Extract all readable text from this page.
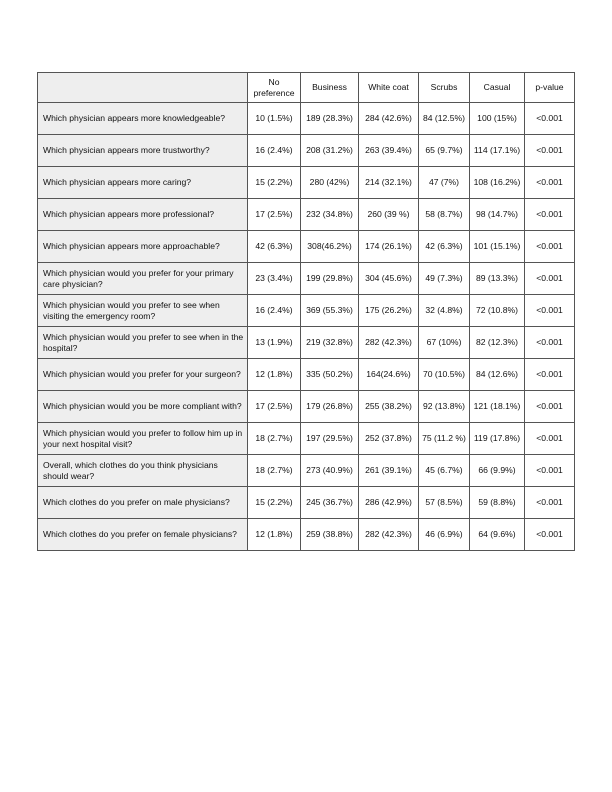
	No preference	Business	White coat	Scrubs	Casual	p-value
Which physician appears more knowledgeable?	10 (1.5%)	189 (28.3%)	284 (42.6%)	84 (12.5%)	100 (15%)	<0.001
Which physician appears more trustworthy?	16 (2.4%)	208 (31.2%)	263 (39.4%)	65 (9.7%)	114 (17.1%)	<0.001
Which physician appears more caring?	15 (2.2%)	280 (42%)	214 (32.1%)	47 (7%)	108 (16.2%)	<0.001
Which physician appears more professional?	17 (2.5%)	232 (34.8%)	260 (39 %)	58 (8.7%)	98 (14.7%)	<0.001
Which physician appears more approachable?	42 (6.3%)	308(46.2%)	174 (26.1%)	42 (6.3%)	101 (15.1%)	<0.001
Which physician would you prefer for your primary care physician?	23 (3.4%)	199 (29.8%)	304 (45.6%)	49 (7.3%)	89 (13.3%)	<0.001
Which physician would you prefer to see when visiting the emergency room?	16 (2.4%)	369 (55.3%)	175 (26.2%)	32 (4.8%)	72 (10.8%)	<0.001
Which physician would you prefer to see when in the hospital?	13 (1.9%)	219 (32.8%)	282 (42.3%)	67 (10%)	82 (12.3%)	<0.001
Which physician would you prefer for your surgeon?	12 (1.8%)	335 (50.2%)	164(24.6%)	70 (10.5%)	84 (12.6%)	<0.001
Which physician would you be more compliant with?	17 (2.5%)	179 (26.8%)	255 (38.2%)	92 (13.8%)	121 (18.1%)	<0.001
Which physician would you prefer to follow him up in your next hospital visit?	18 (2.7%)	197 (29.5%)	252 (37.8%)	75 (11.2 %)	119 (17.8%)	<0.001
Overall, which clothes do you think physicians should wear?	18 (2.7%)	273 (40.9%)	261 (39.1%)	45 (6.7%)	66 (9.9%)	<0.001
Which clothes do you prefer on male physicians?	15 (2.2%)	245 (36.7%)	286 (42.9%)	57 (8.5%)	59 (8.8%)	<0.001
Which clothes do you prefer on female physicians?	12 (1.8%)	259 (38.8%)	282 (42.3%)	46 (6.9%)	64 (9.6%)	<0.001
